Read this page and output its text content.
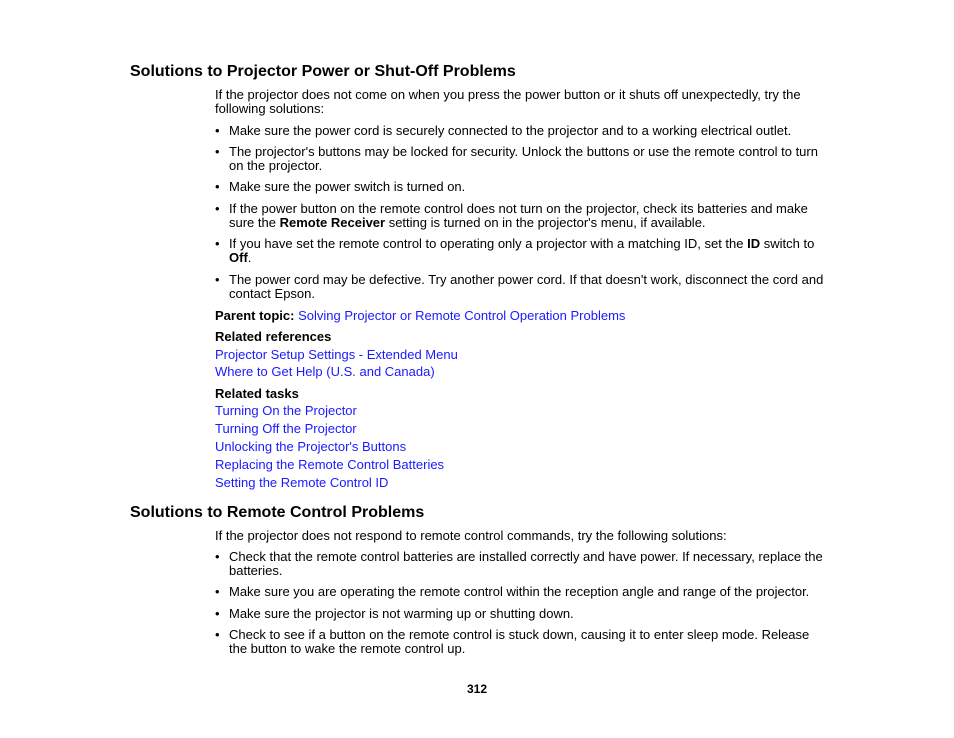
Solutions to Projector Power or Shut-Off Problems

If the projector does not come on when you press the power button or it shuts off unexpectedly, try the following solutions:

• Make sure the power cord is securely connected to the projector and to a working electrical outlet.
• The projector's buttons may be locked for security. Unlock the buttons or use the remote control to turn on the projector.
• Make sure the power switch is turned on.
• If the power button on the remote control does not turn on the projector, check its batteries and make sure the Remote Receiver setting is turned on in the projector's menu, if available.
• If you have set the remote control to operating only a projector with a matching ID, set the ID switch to Off.
• The power cord may be defective. Try another power cord. If that doesn't work, disconnect the cord and contact Epson.
Parent topic: Solving Projector or Remote Control Operation Problems
Related references
Projector Setup Settings - Extended Menu
Where to Get Help (U.S. and Canada)
Related tasks
Turning On the Projector
Turning Off the Projector
Unlocking the Projector's Buttons
Replacing the Remote Control Batteries
Setting the Remote Control ID
Solutions to Remote Control Problems

If the projector does not respond to remote control commands, try the following solutions:

• Check that the remote control batteries are installed correctly and have power. If necessary, replace the batteries.
• Make sure you are operating the remote control within the reception angle and range of the projector.
• Make sure the projector is not warming up or shutting down.
• Check to see if a button on the remote control is stuck down, causing it to enter sleep mode. Release the button to wake the remote control up.
312
